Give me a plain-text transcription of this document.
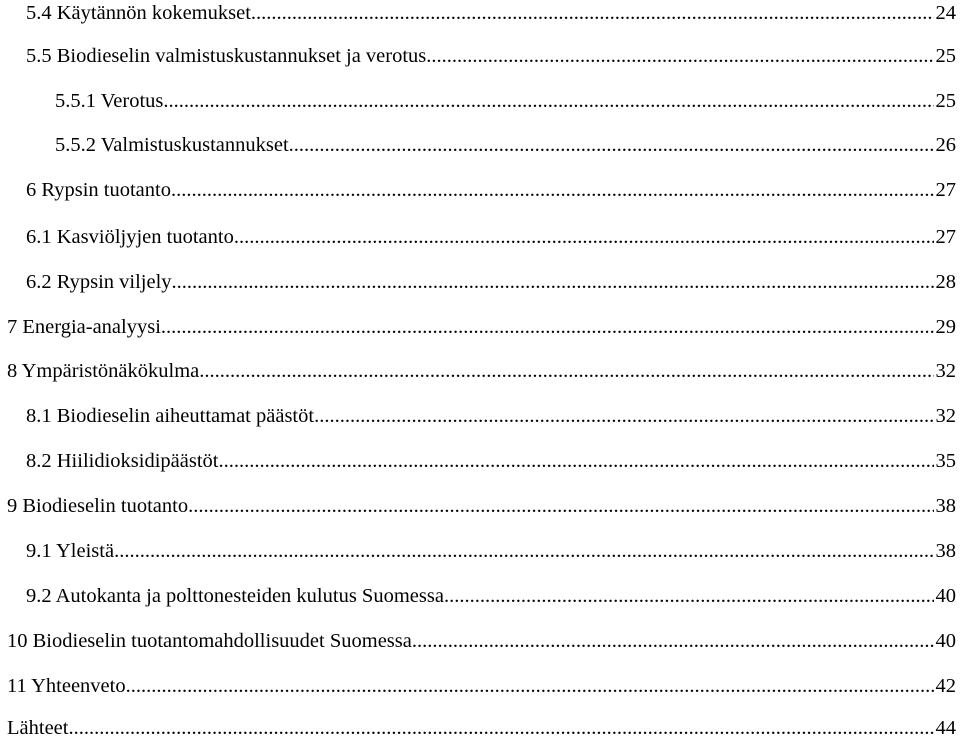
5.4 Käytännön kokemukset .....	24
5.5 Biodieselin valmistuskustannukset ja verotus .....	25
5.5.1 Verotus .....	25
5.5.2 Valmistuskustannukset .....	26
6 Rypsin tuotanto .....	27
6.1 Kasviöljyjen tuotanto .....	27
6.2 Rypsin viljely .....	28
7 Energia-analyysi .....	29
8 Ympäristönäkökulma .....	32
8.1 Biodieselin aiheuttamat päästöt .....	32
8.2 Hiilidioksidipäästöt .....	35
9 Biodieselin tuotanto .....	38
9.1 Yleistä .....	38
9.2 Autokanta ja polttonesteiden kulutus Suomessa .....	40
10 Biodieselin tuotantomahdollisuudet Suomessa .....	40
11 Yhteenveto .....	42
Lähteet .....	44
